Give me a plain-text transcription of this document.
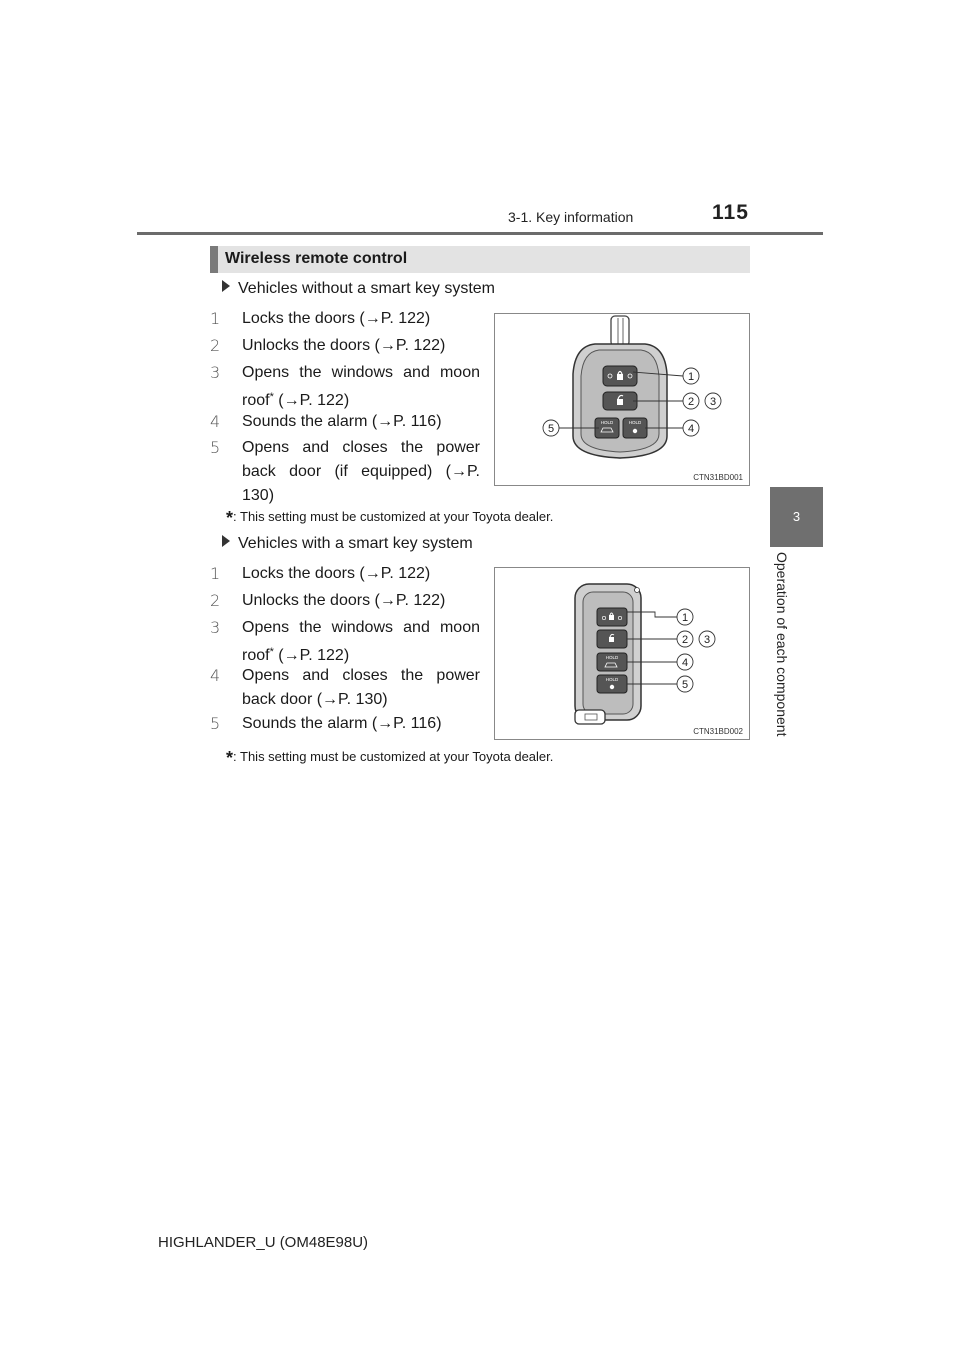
3-1. Key information	115
3
Operation of each component
Wireless remote control
Vehicles without a smart key system
1	Locks the doors (→P. 122)
2	Unlocks the doors (→P. 122)
3	Opens the windows and moon roof* (→P. 122)
4	Sounds the alarm (→P. 116)
5	Opens and closes the power back door (if equipped) (→P. 130)
HOLD	HOLD
1
2 3
4
5
CTN31BD001
*: This setting must be customized at your Toyota dealer.
Vehicles with a smart key system
1	Locks the doors (→P. 122)
2	Unlocks the doors (→P. 122)
3	Opens the windows and moon roof* (→P. 122)
4	Opens and closes the power back door (→P. 130)
5	Sounds the alarm (→P. 116)
HOLD
HOLD
1
2 3
4
5
CTN31BD002
*: This setting must be customized at your Toyota dealer.
HIGHLANDER_U (OM48E98U)
